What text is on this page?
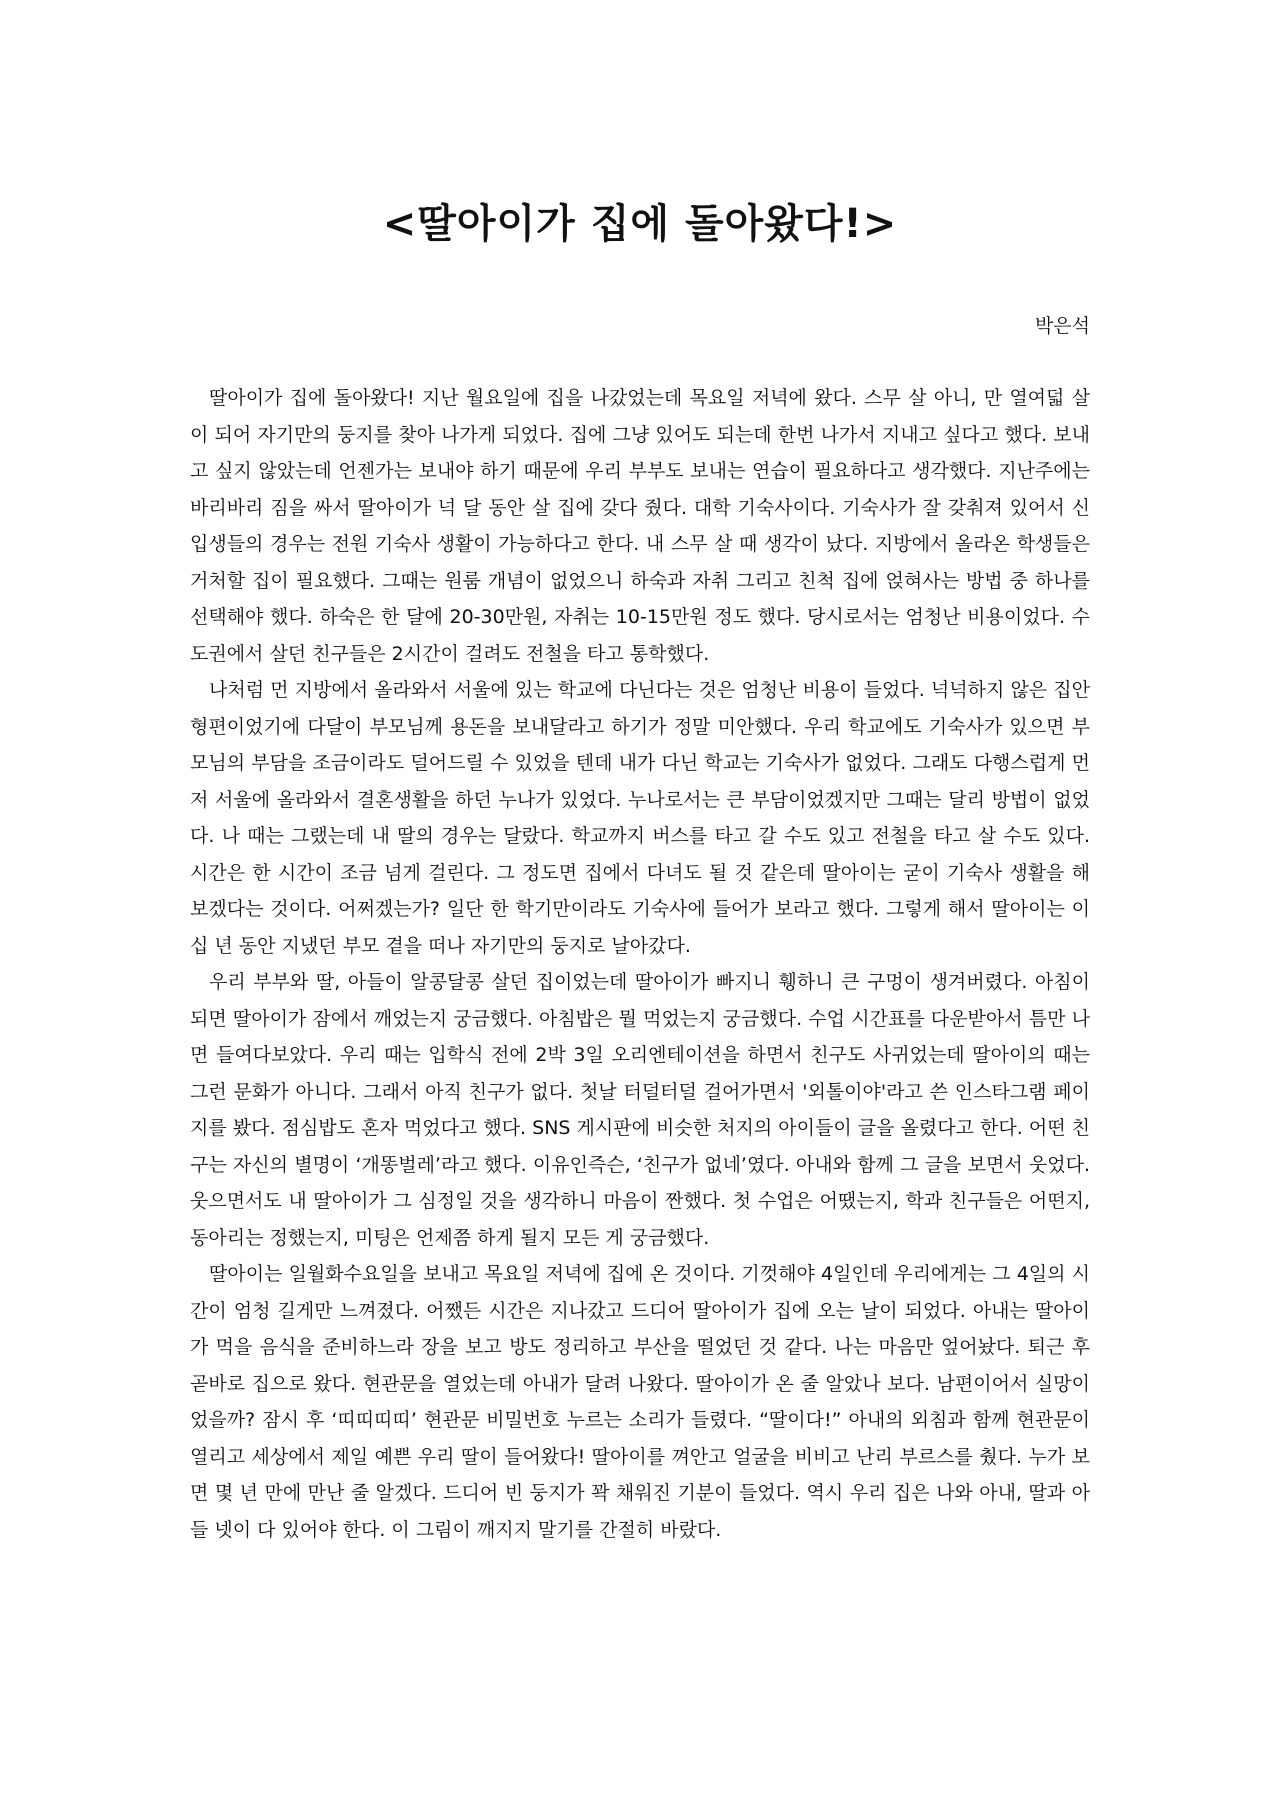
<딸아이가 집에 돌아왔다!>
박은석

딸아이가 집에 돌아왔다! 지난 월요일에 집을 나갔었는데 목요일 저녁에 왔다. 스무 살 아니, 만 열여덟 살이 되어 자기만의 둥지를 찾아 나가게 되었다. 집에 그냥 있어도 되는데 한번 나가서 지내고 싶다고 했다. 보내고 싶지 않았는데 언젠가는 보내야 하기 때문에 우리 부부도 보내는 연습이 필요하다고 생각했다. 지난주에는 바리바리 짐을 싸서 딸아이가 넉 달 동안 살 집에 갖다 줬다. 대학 기숙사이다. 기숙사가 잘 갖춰져 있어서 신입생들의 경우는 전원 기숙사 생활이 가능하다고 한다. 내 스무 살 때 생각이 났다. 지방에서 올라온 학생들은 거처할 집이 필요했다. 그때는 원룸 개념이 없었으니 하숙과 자취 그리고 친척 집에 얹혀사는 방법 중 하나를 선택해야 했다. 하숙은 한 달에 20-30만원, 자취는 10-15만원 정도 했다. 당시로서는 엄청난 비용이었다. 수도권에서 살던 친구들은 2시간이 걸려도 전철을 타고 통학했다.

나처럼 먼 지방에서 올라와서 서울에 있는 학교에 다닌다는 것은 엄청난 비용이 들었다. 넉넉하지 않은 집안 형편이었기에 다달이 부모님께 용돈을 보내달라고 하기가 정말 미안했다. 우리 학교에도 기숙사가 있으면 부모님의 부담을 조금이라도 덜어드릴 수 있었을 텐데 내가 다닌 학교는 기숙사가 없었다. 그래도 다행스럽게 먼저 서울에 올라와서 결혼생활을 하던 누나가 있었다. 누나로서는 큰 부담이었겠지만 그때는 달리 방법이 없었다. 나 때는 그랬는데 내 딸의 경우는 달랐다. 학교까지 버스를 타고 갈 수도 있고 전철을 타고 살 수도 있다. 시간은 한 시간이 조금 넘게 걸린다. 그 정도면 집에서 다녀도 될 것 같은데 딸아이는 굳이 기숙사 생활을 해 보겠다는 것이다. 어쩌겠는가? 일단 한 학기만이라도 기숙사에 들어가 보라고 했다. 그렇게 해서 딸아이는 이십 년 동안 지냈던 부모 곁을 떠나 자기만의 둥지로 날아갔다.

우리 부부와 딸, 아들이 알콩달콩 살던 집이었는데 딸아이가 빠지니 휑하니 큰 구멍이 생겨버렸다. 아침이 되면 딸아이가 잠에서 깨었는지 궁금했다. 아침밥은 뭘 먹었는지 궁금했다. 수업 시간표를 다운받아서 틈만 나면 들여다보았다. 우리 때는 입학식 전에 2박 3일 오리엔테이션을 하면서 친구도 사귀었는데 딸아이의 때는 그런 문화가 아니다. 그래서 아직 친구가 없다. 첫날 터덜터덜 걸어가면서 '외톨이야'라고 쓴 인스타그램 페이지를 봤다. 점심밥도 혼자 먹었다고 했다. SNS 게시판에 비슷한 처지의 아이들이 글을 올렸다고 한다. 어떤 친구는 자신의 별명이 ‘개똥벌레’라고 했다. 이유인즉슨, ‘친구가 없네’였다. 아내와 함께 그 글을 보면서 웃었다. 웃으면서도 내 딸아이가 그 심정일 것을 생각하니 마음이 짠했다. 첫 수업은 어땠는지, 학과 친구들은 어떤지, 동아리는 정했는지, 미팅은 언제쯤 하게 될지 모든 게 궁금했다.

딸아이는 일월화수요일을 보내고 목요일 저녁에 집에 온 것이다. 기껏해야 4일인데 우리에게는 그 4일의 시간이 엄청 길게만 느껴졌다. 어쨌든 시간은 지나갔고 드디어 딸아이가 집에 오는 날이 되었다. 아내는 딸아이가 먹을 음식을 준비하느라 장을 보고 방도 정리하고 부산을 떨었던 것 같다. 나는 마음만 엎어놨다. 퇴근 후 곧바로 집으로 왔다. 현관문을 열었는데 아내가 달려 나왔다. 딸아이가 온 줄 알았나 보다. 남편이어서 실망이었을까? 잠시 후 ‘띠띠띠띠’ 현관문 비밀번호 누르는 소리가 들렸다. “딸이다!” 아내의 외침과 함께 현관문이 열리고 세상에서 제일 예쁜 우리 딸이 들어왔다! 딸아이를 껴안고 얼굴을 비비고 난리 부르스를 췄다. 누가 보면 몇 년 만에 만난 줄 알겠다. 드디어 빈 둥지가 꽉 채워진 기분이 들었다. 역시 우리 집은 나와 아내, 딸과 아들 넷이 다 있어야 한다. 이 그림이 깨지지 말기를 간절히 바랐다.
